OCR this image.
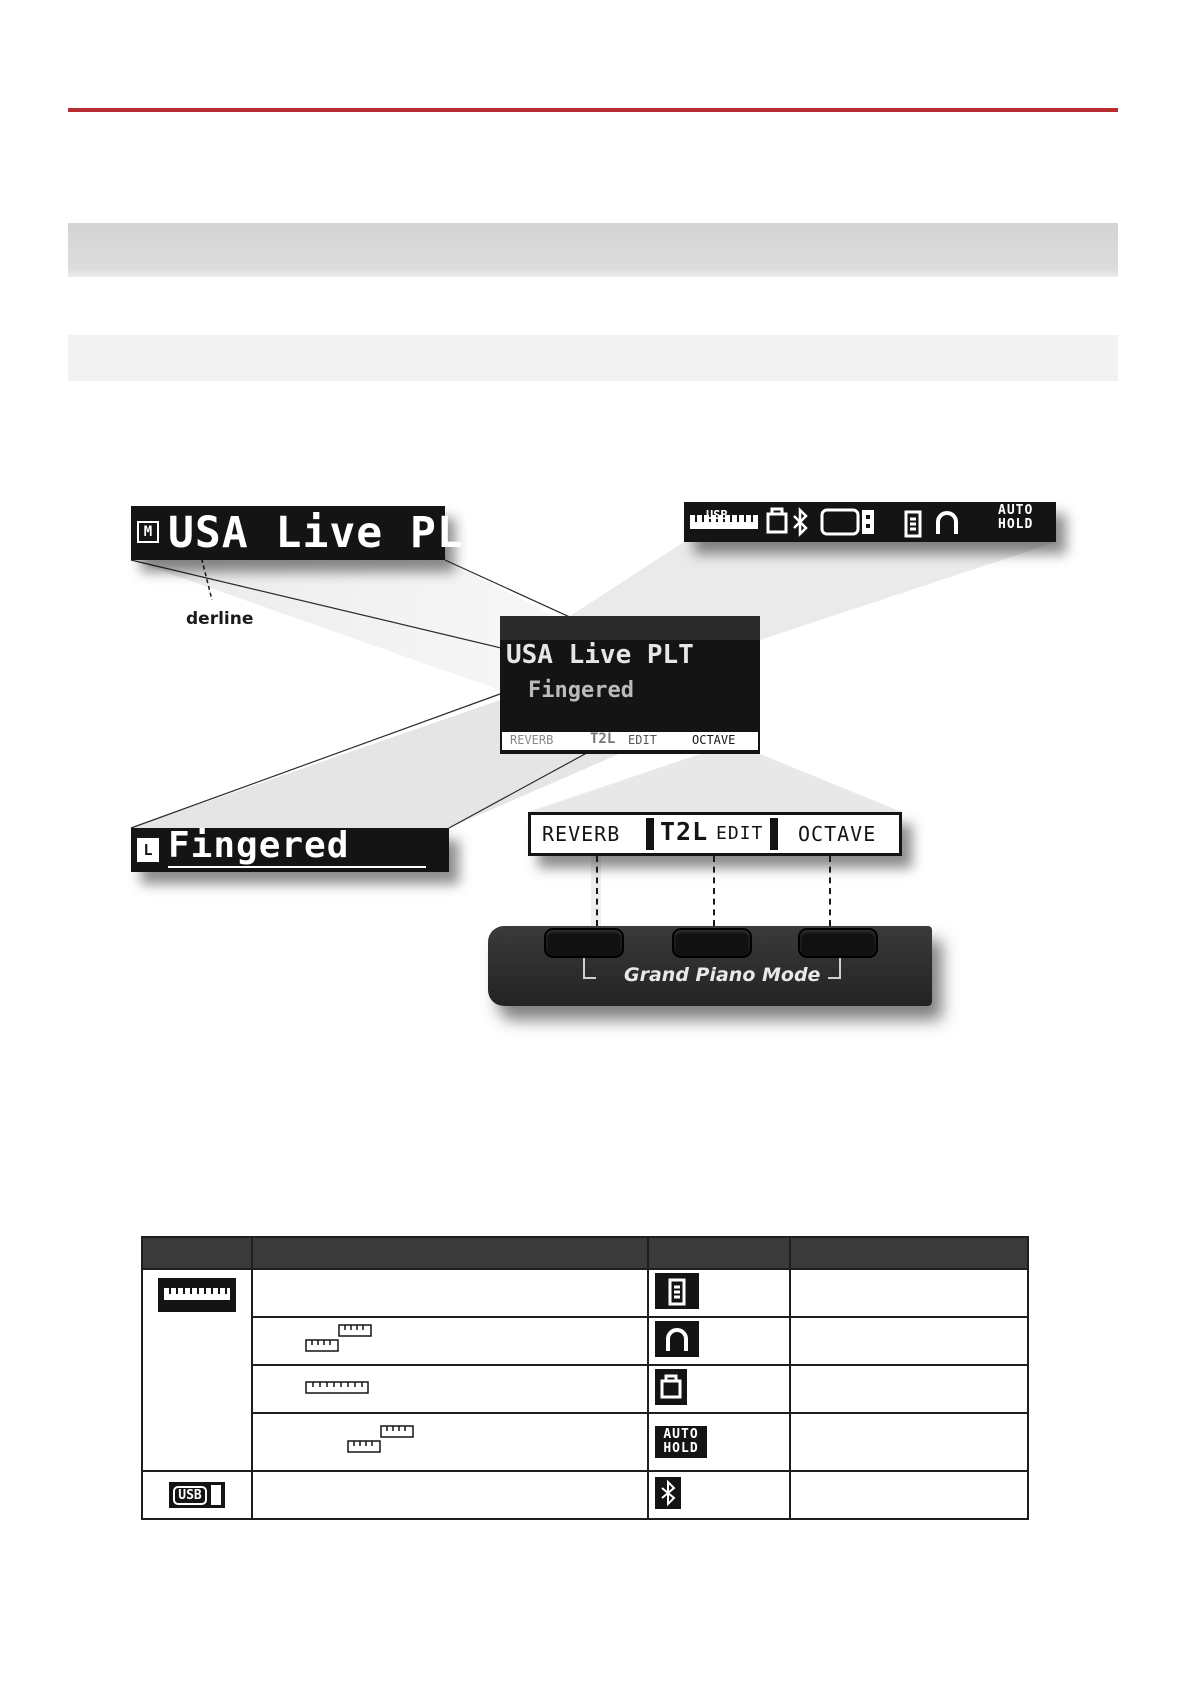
M USA Live PLT
derline
USB	AUTO
HOLD
USA Live PLT
Fingered
REVERB	T2L EDIT	OCTAVE
L Fingered	REVERB T2L EDIT OCTAVE
Grand Piano Mode

AUTO
HOLD	

USB
